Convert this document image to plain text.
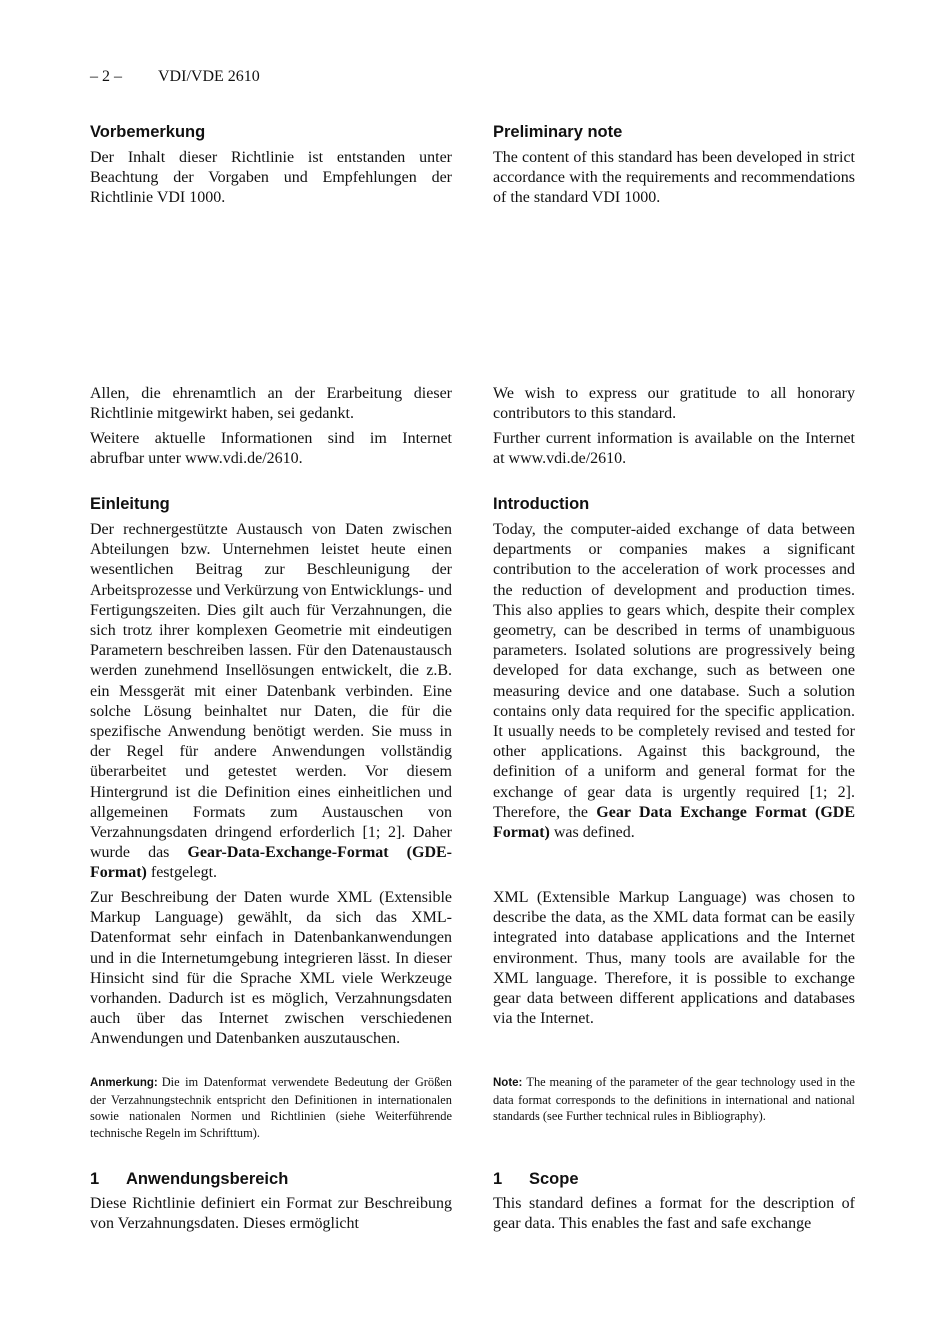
– 2 – VDI/VDE 2610
Vorbemerkung

Der Inhalt dieser Richtlinie ist entstanden unter Beachtung der Vorgaben und Empfehlungen der Richtlinie VDI 1000.

Allen, die ehrenamtlich an der Erarbeitung dieser Richtlinie mitgewirkt haben, sei gedankt.

Weitere aktuelle Informationen sind im Internet abrufbar unter www.vdi.de/2610.

Einleitung

Der rechnergestützte Austausch von Daten zwischen Abteilungen bzw. Unternehmen leistet heute einen wesentlichen Beitrag zur Beschleunigung der Arbeitsprozesse und Verkürzung von Entwicklungs- und Fertigungszeiten. Dies gilt auch für Verzahnungen, die sich trotz ihrer komplexen Geometrie mit eindeutigen Parametern beschreiben lassen. Für den Datenaustausch werden zunehmend Insellösungen entwickelt, die z.B. ein Messgerät mit einer Datenbank verbinden. Eine solche Lösung beinhaltet nur Daten, die für die spezifische Anwendung benötigt werden. Sie muss in der Regel für andere Anwendungen vollständig überarbeitet und getestet werden. Vor diesem Hintergrund ist die Definition eines einheitlichen und allgemeinen Formats zum Austauschen von Verzahnungsdaten dringend erforderlich [1; 2]. Daher wurde das Gear-Data-Exchange-Format (GDE-Format) festgelegt.

Zur Beschreibung der Daten wurde XML (Extensible Markup Language) gewählt, da sich das XML-Datenformat sehr einfach in Datenbankanwendungen und in die Internetumgebung integrieren lässt. In dieser Hinsicht sind für die Sprache XML viele Werkzeuge vorhanden. Dadurch ist es möglich, Verzahnungsdaten auch über das Internet zwischen verschiedenen Anwendungen und Datenbanken auszutauschen.

Anmerkung: Die im Datenformat verwendete Bedeutung der Größen der Verzahnungstechnik entspricht den Definitionen in internationalen sowie nationalen Normen und Richtlinien (siehe Weiterführende technische Regeln im Schrifttum).

1 Anwendungsbereich

Diese Richtlinie definiert ein Format zur Beschreibung von Verzahnungsdaten. Dieses ermöglicht

Preliminary note

The content of this standard has been developed in strict accordance with the requirements and recommendations of the standard VDI 1000.

We wish to express our gratitude to all honorary contributors to this standard.

Further current information is available on the Internet at www.vdi.de/2610.

Introduction

Today, the computer-aided exchange of data between departments or companies makes a significant contribution to the acceleration of work processes and the reduction of development and production times. This also applies to gears which, despite their complex geometry, can be described in terms of unambiguous parameters. Isolated solutions are progressively being developed for data exchange, such as between one measuring device and one database. Such a solution contains only data required for the specific application. It usually needs to be completely revised and tested for other applications. Against this background, the definition of a uniform and general format for the exchange of gear data is urgently required [1; 2]. Therefore, the Gear Data Exchange Format (GDE Format) was defined.

XML (Extensible Markup Language) was chosen to describe the data, as the XML data format can be easily integrated into database applications and the Internet environment. Thus, many tools are available for the XML language. Therefore, it is possible to exchange gear data between different applications and databases via the Internet.

Note: The meaning of the parameter of the gear technology used in the data format corresponds to the definitions in international and national standards (see Further technical rules in Bibliography).

1 Scope

This standard defines a format for the description of gear data. This enables the fast and safe exchange
